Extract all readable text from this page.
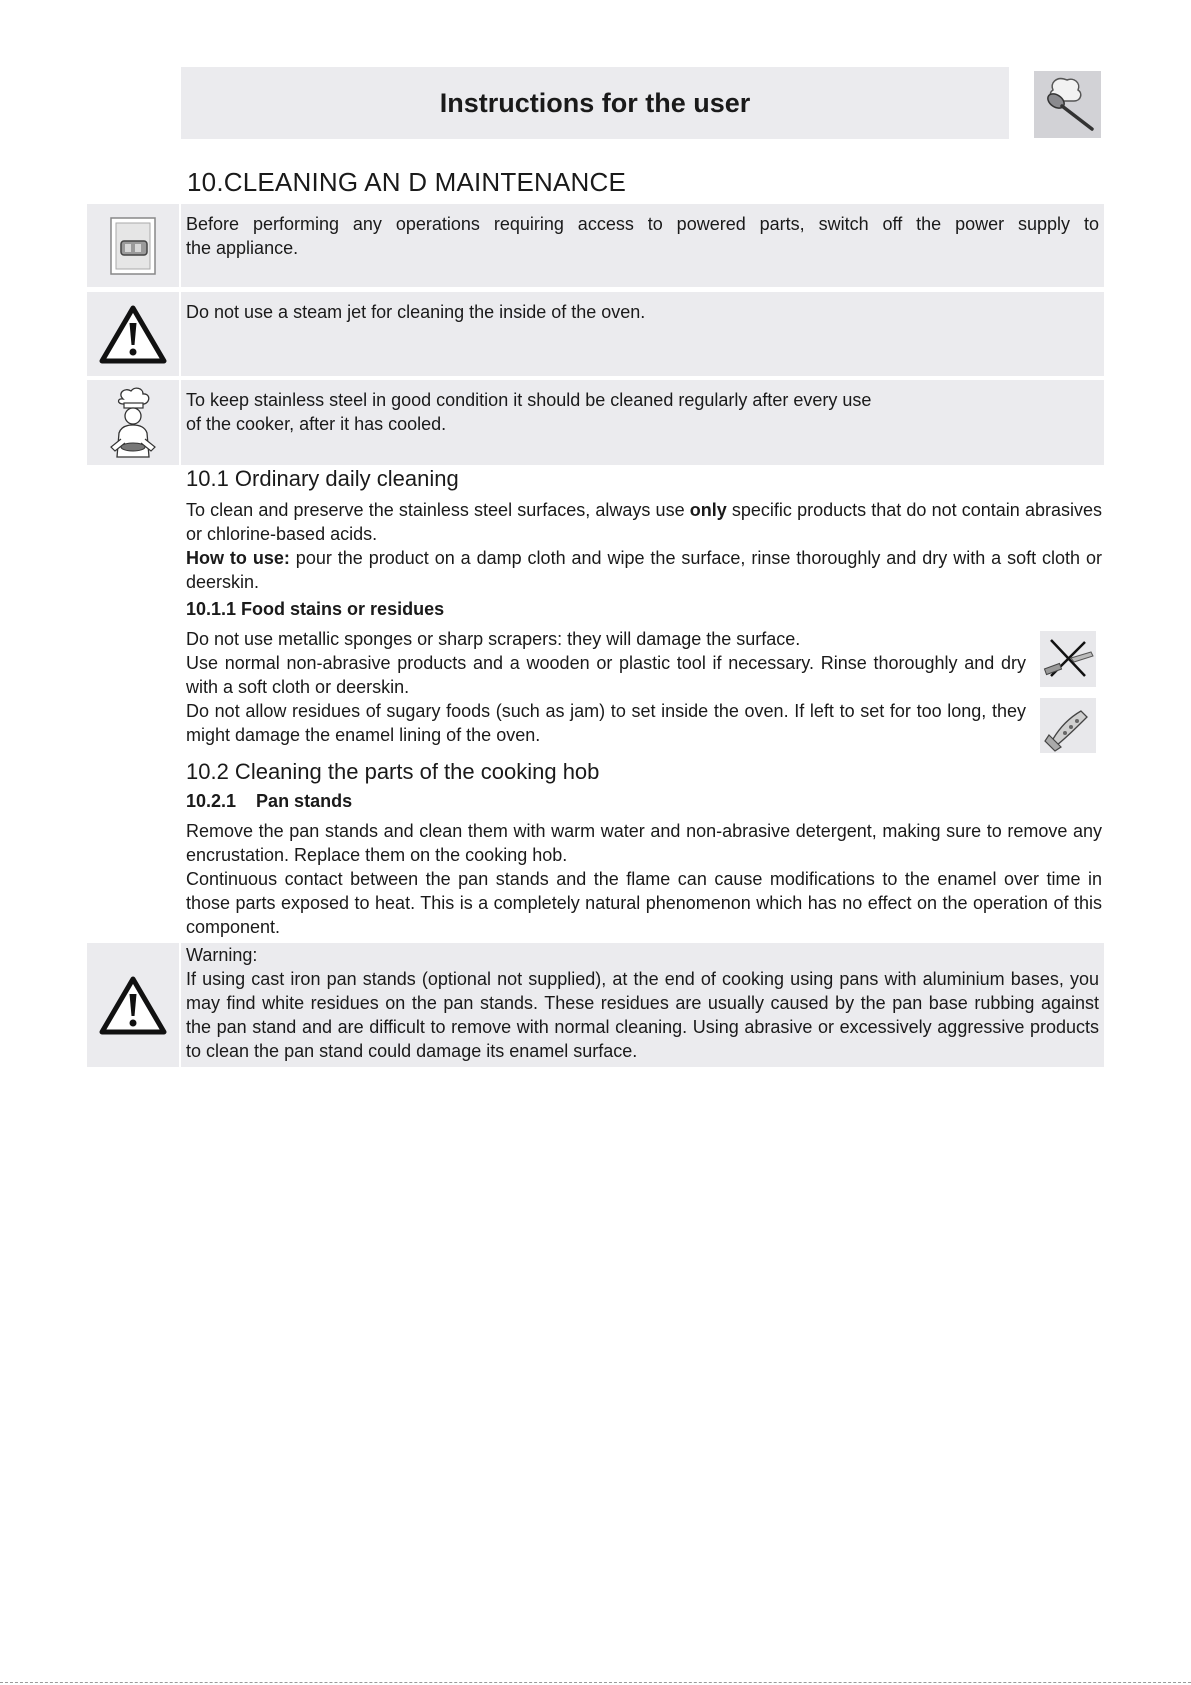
Instructions for the user
10.CLEANING AN D MAINTENANCE
Before performing any operations requiring access to powered parts, switch off the power supply to
the appliance.
Do not use a steam jet for cleaning the inside of the oven.
To keep stainless steel in good condition it should be cleaned regularly after every use
of the cooker, after it has cooled.
10.1 Ordinary daily cleaning
To clean and preserve the stainless steel surfaces, always use only specific products that do not contain abrasives or chlorine-based acids.
How to use: pour the product on a damp cloth and wipe the surface, rinse thoroughly and dry with a soft cloth or deerskin.
10.1.1 Food stains or residues
Do not use metallic sponges or sharp scrapers: they will damage the surface.
Use normal non-abrasive products and a wooden or plastic tool if necessary. Rinse thoroughly and dry with a soft cloth or deerskin.
Do not allow residues of sugary foods (such as jam) to set inside the oven. If left to set for too long, they might damage the enamel lining of the oven.
10.2 Cleaning the parts of the cooking hob
10.2.1    Pan stands
Remove the pan stands and clean them with warm water and non-abrasive detergent, making sure to remove any encrustation. Replace them on the cooking hob.
Continuous contact between the pan stands and the flame can cause modifications to the enamel over time in those parts exposed to heat. This is a completely natural phenomenon which has no effect on the operation of this component.
Warning:
If using cast iron pan stands (optional not supplied), at the end of cooking using pans with aluminium bases, you may find white residues on the pan stands. These residues are usually caused by the pan base rubbing against the pan stand and are difficult to remove with normal cleaning. Using abrasive or excessively aggressive products to clean the pan stand could damage its enamel surface.
